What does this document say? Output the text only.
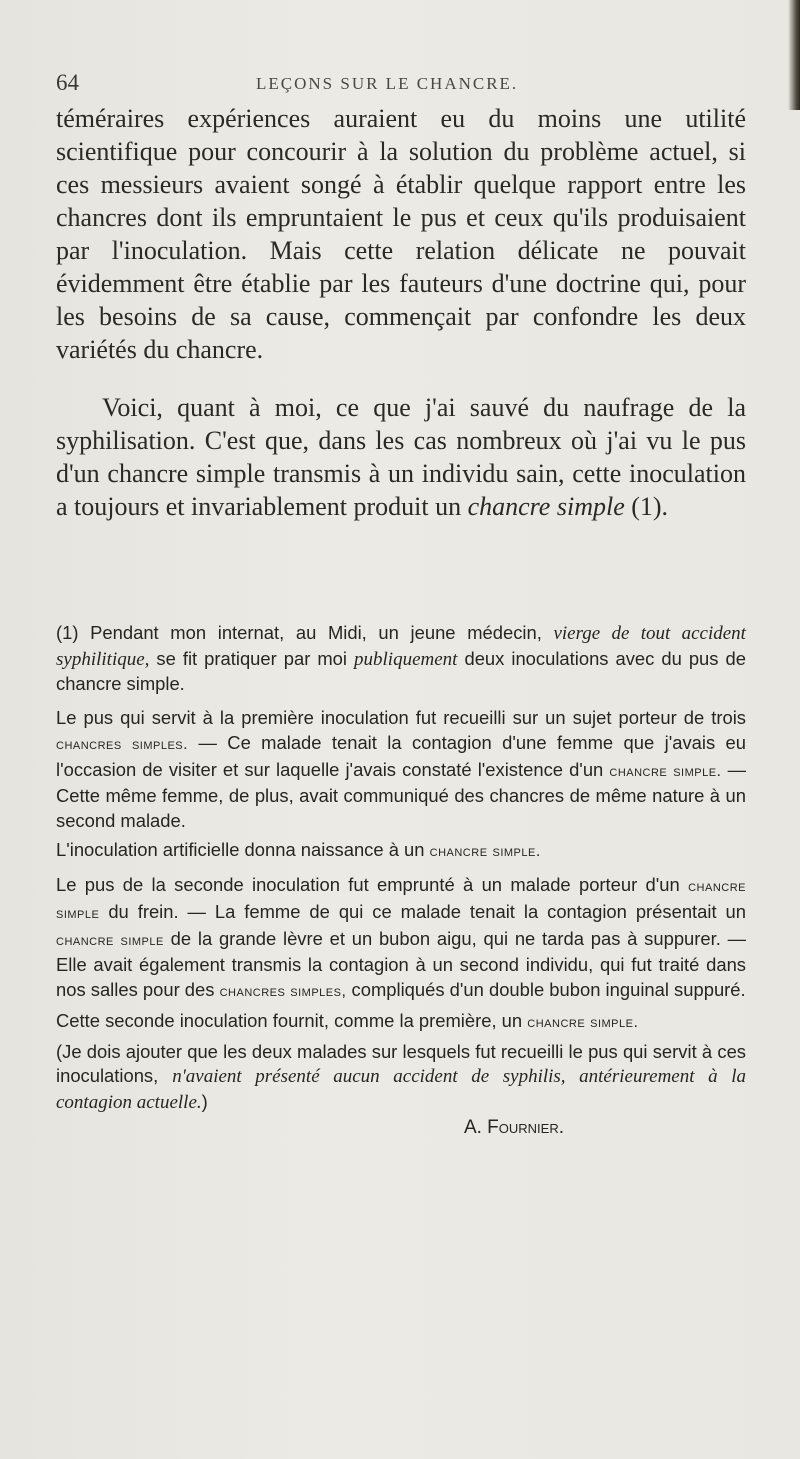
64	LEÇONS SUR LE CHANCRE.

téméraires expériences auraient eu du moins une utilité scientifique pour concourir à la solution du problème actuel, si ces messieurs avaient songé à établir quelque rapport entre les chancres dont ils empruntaient le pus et ceux qu'ils produisaient par l'inoculation. Mais cette relation délicate ne pouvait évidemment être établie par les fauteurs d'une doctrine qui, pour les besoins de sa cause, commençait par confondre les deux variétés du chancre.

Voici, quant à moi, ce que j'ai sauvé du naufrage de la syphilisation. C'est que, dans les cas nombreux où j'ai vu le pus d'un chancre simple transmis à un individu sain, cette inoculation a toujours et invariablement produit un chancre simple (1).

(1) Pendant mon internat, au Midi, un jeune médecin, vierge de tout accident syphilitique, se fit pratiquer par moi publiquement deux inoculations avec du pus de chancre simple.

Le pus qui servit à la première inoculation fut recueilli sur un sujet porteur de trois chancres simples. — Ce malade tenait la contagion d'une femme que j'avais eu l'occasion de visiter et sur laquelle j'avais constaté l'existence d'un chancre simple. — Cette même femme, de plus, avait communiqué des chancres de même nature à un second malade.

L'inoculation artificielle donna naissance à un chancre simple.

Le pus de la seconde inoculation fut emprunté à un malade porteur d'un chancre simple du frein. — La femme de qui ce malade tenait la contagion présentait un chancre simple de la grande lèvre et un bubon aigu, qui ne tarda pas à suppurer. — Elle avait également transmis la contagion à un second individu, qui fut traité dans nos salles pour des chancres simples, compliqués d'un double bubon inguinal suppuré.

Cette seconde inoculation fournit, comme la première, un chancre simple.

(Je dois ajouter que les deux malades sur lesquels fut recueilli le pus qui servit à ces inoculations, n'avaient présenté aucun accident de syphilis, antérieurement à la contagion actuelle.)

A. Fournier.
